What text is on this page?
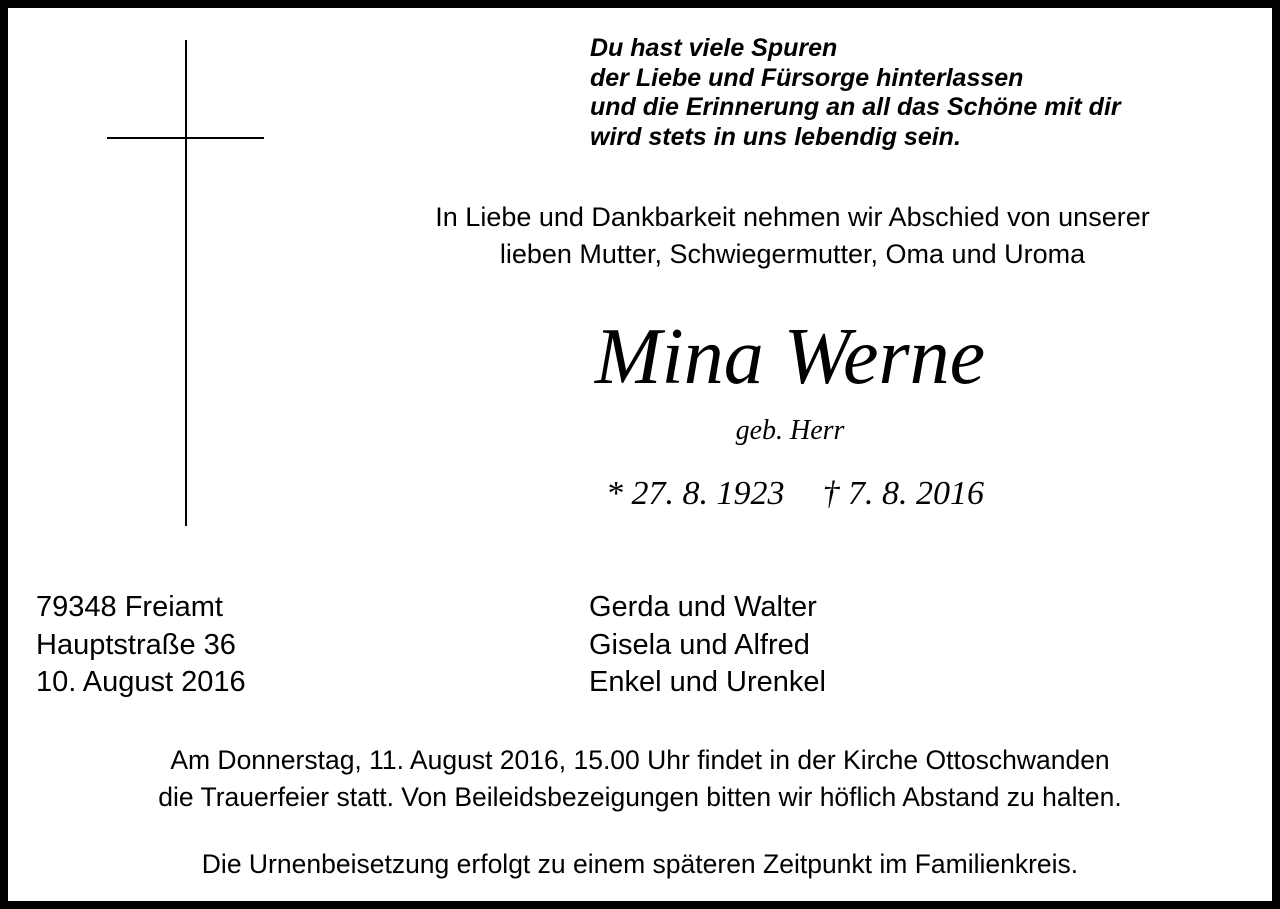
Du hast viele Spuren
der Liebe und Fürsorge hinterlassen
und die Erinnerung an all das Schöne mit dir
wird stets in uns lebendig sein.
In Liebe und Dankbarkeit nehmen wir Abschied von unserer
lieben Mutter, Schwiegermutter, Oma und Uroma
Mina Werne
geb. Herr
* 27. 8. 1923 † 7. 8. 2016
79348 Freiamt
Hauptstraße 36
10. August 2016
Gerda und Walter
Gisela und Alfred
Enkel und Urenkel
Am Donnerstag, 11. August 2016, 15.00 Uhr findet in der Kirche Ottoschwanden
die Trauerfeier statt. Von Beileidsbezeigungen bitten wir höflich Abstand zu halten.
Die Urnenbeisetzung erfolgt zu einem späteren Zeitpunkt im Familienkreis.
